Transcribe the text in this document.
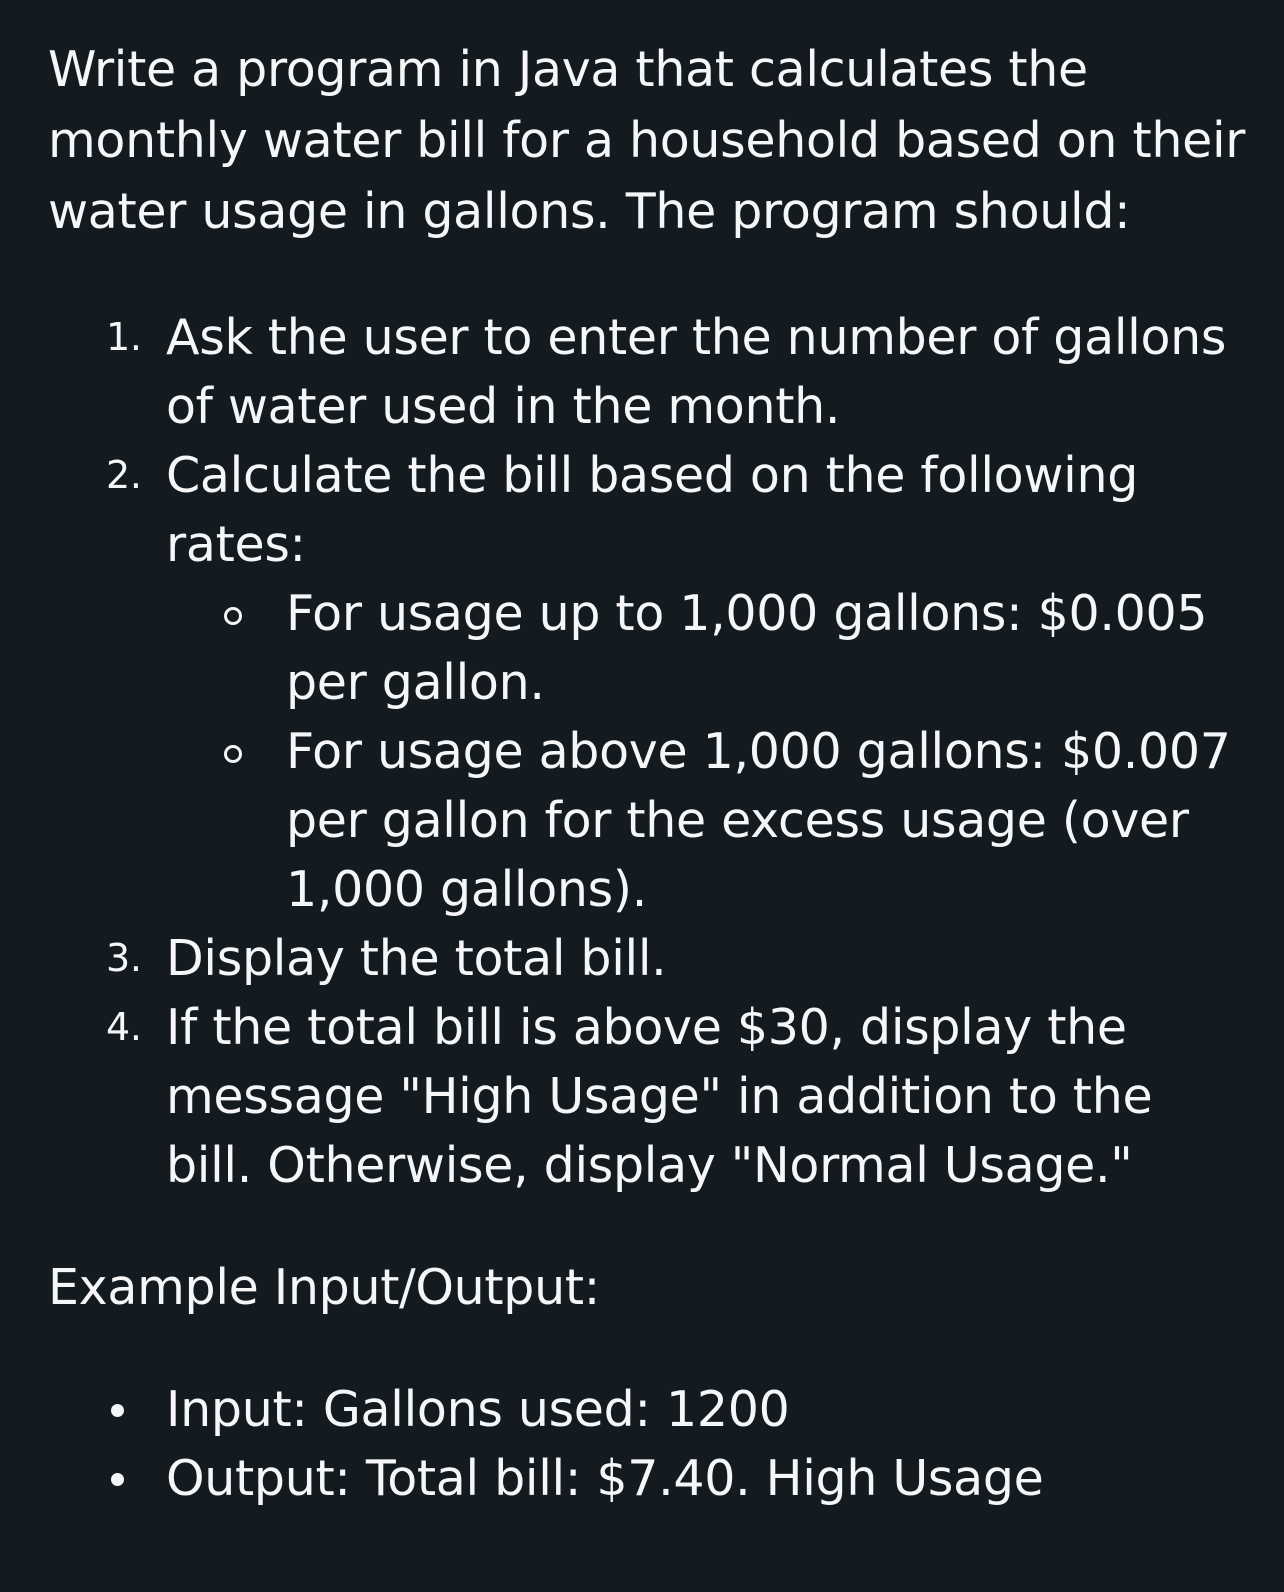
Write a program in Java that calculates the monthly water bill for a household based on their water usage in gallons. The program should:

1. Ask the user to enter the number of gallons of water used in the month.
2. Calculate the bill based on the following rates:
For usage up to 1,000 gallons: $0.005 per gallon.
For usage above 1,000 gallons: $0.007 per gallon for the excess usage (over 1,000 gallons).
3. Display the total bill.
4. If the total bill is above $30, display the message "High Usage" in addition to the bill. Otherwise, display "Normal Usage."

Example Input/Output:

Input: Gallons used: 1200
Output: Total bill: $7.40. High Usage
